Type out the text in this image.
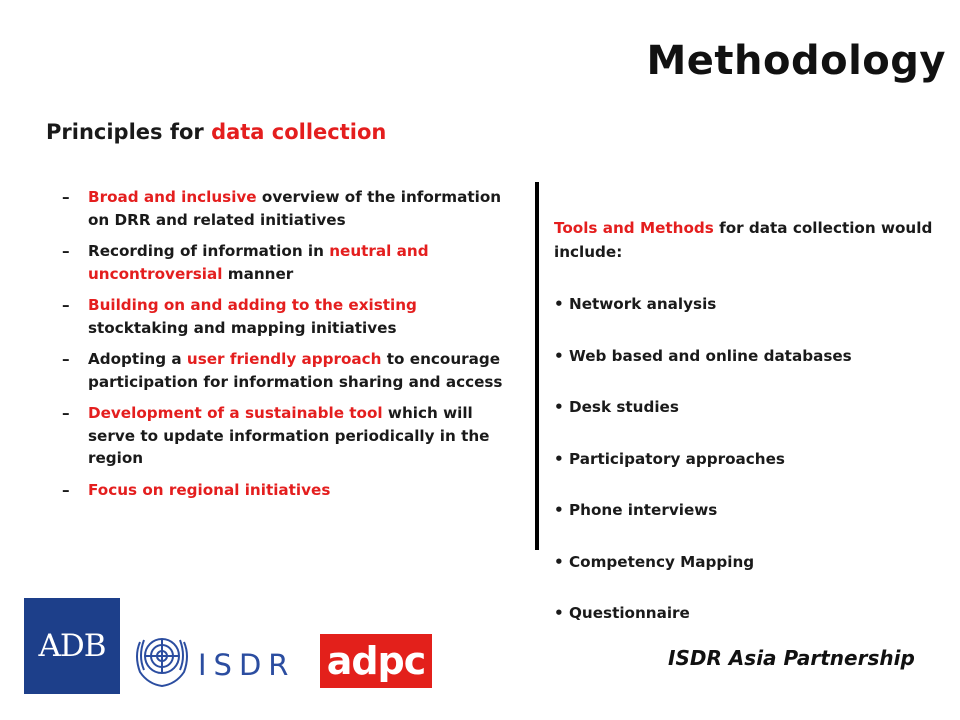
Methodology
Principles for data collection
– Broad and inclusive overview of the information on DRR and related initiatives
– Recording of information in neutral and uncontroversial manner
– Building on and adding to the existing stocktaking and mapping initiatives
– Adopting a user friendly approach to encourage participation for information sharing and access
– Development of a sustainable tool which will serve to update information periodically in the region
– Focus on regional initiatives
Tools and Methods for data collection would include:
• Network analysis
• Web based and online databases
• Desk studies
• Participatory approaches
• Phone interviews
• Competency Mapping
• Questionnaire
ADB
ISDR adpc	ISDR Asia Partnership
